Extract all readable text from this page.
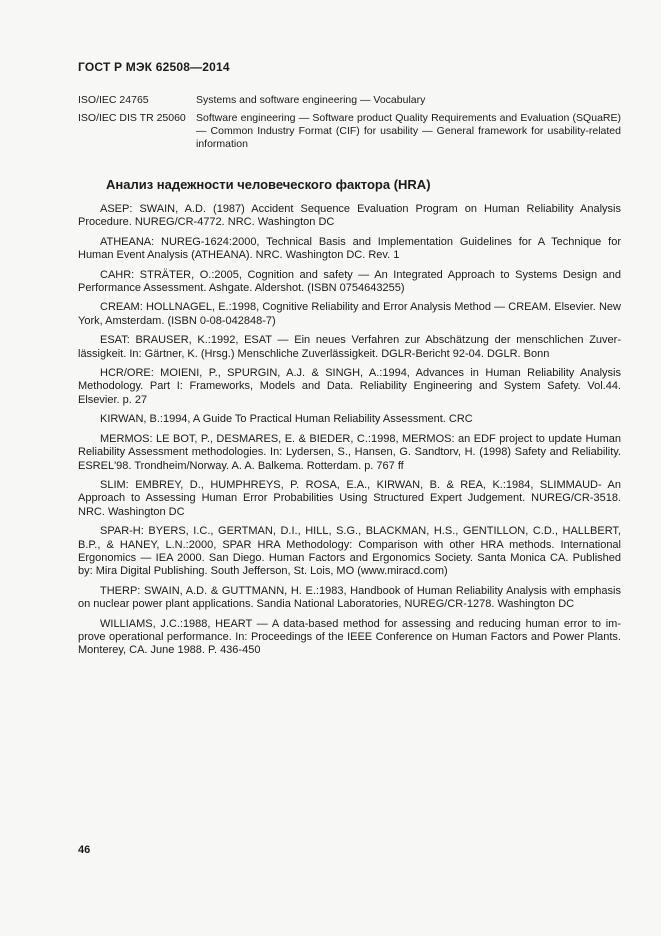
ГОСТ Р МЭК 62508—2014
ISO/IEC 24765	Systems and software engineering — Vocabulary
ISO/IEC DIS TR 25060 Software engineering — Software product Quality Requirements and Evaluation (SQuaRE) — Common Industry Format (CIF) for usability — General framework for usability-related information
Анализ надежности человеческого фактора (HRA)

ASEP: SWAIN, A.D. (1987) Accident Sequence Evaluation Program on Human Reliability Analysis Procedure. NUREG/CR-4772. NRC. Washington DC

ATHEANA: NUREG-1624:2000, Technical Basis and Implementation Guidelines for A Technique for Human Event Analysis (ATHEANA). NRC. Washington DC. Rev. 1

CAHR: STRÄTER, O.:2005, Cognition and safety — An Integrated Approach to Systems Design and Performance Assessment. Ashgate. Aldershot. (ISBN 0754643255)

CREAM: HOLLNAGEL, E.:1998, Cognitive Reliability and Error Analysis Method — CREAM. Elsevier. New York, Amsterdam. (ISBN 0-08-042848-7)

ESAT: BRAUSER, K.:1992, ESAT — Ein neues Verfahren zur Abschätzung der menschlichen Zuverlässigkeit. In: Gärtner, K. (Hrsg.) Menschliche Zuverlässigkeit. DGLR-Bericht 92-04. DGLR. Bonn

HCR/ORE: MOIENI, P., SPURGIN, A.J. & SINGH, A.:1994, Advances in Human Reliability Analysis Methodology. Part I: Frameworks, Models and Data. Reliability Engineering and System Safety. Vol.44. Elsevier. p. 27

KIRWAN, B.:1994, A Guide To Practical Human Reliability Assessment. CRC

MERMOS: LE BOT, P., DESMARES, E. & BIEDER, C.:1998, MERMOS: an EDF project to update Human Reliability Assessment methodologies. In: Lydersen, S., Hansen, G. Sandtorv, H. (1998) Safety and Reliability. ESREL'98. Trondheim/Norway. A. A. Balkema. Rotterdam. p. 767 ff

SLIM: EMBREY, D., HUMPHREYS, P. ROSA, E.A., KIRWAN, B. & REA, K.:1984, SLIMMAUD- An Approach to Assessing Human Error Probabilities Using Structured Expert Judgement. NUREG/CR-3518. NRC. Washington DC

SPAR-H: BYERS, I.C., GERTMAN, D.I., HILL, S.G., BLACKMAN, H.S., GENTILLON, C.D., HALLBERT, B.P., & HANEY, L.N.:2000, SPAR HRA Methodology: Comparison with other HRA methods. International Ergonomics — IEA 2000. San Diego. Human Factors and Ergonomics Society. Santa Monica CA. Published by: Mira Digital Publishing. South Jefferson, St. Lois, MO (www.miracd.com)

THERP: SWAIN, A.D. & GUTTMANN, H. E.:1983, Handbook of Human Reliability Analysis with emphasis on nuclear power plant applications. Sandia National Laboratories, NUREG/CR-1278. Washington DC

WILLIAMS, J.C.:1988, HEART — A data-based method for assessing and reducing human error to improve operational performance. In: Proceedings of the IEEE Conference on Human Factors and Power Plants. Monterey, CA. June 1988. P. 436-450

46
